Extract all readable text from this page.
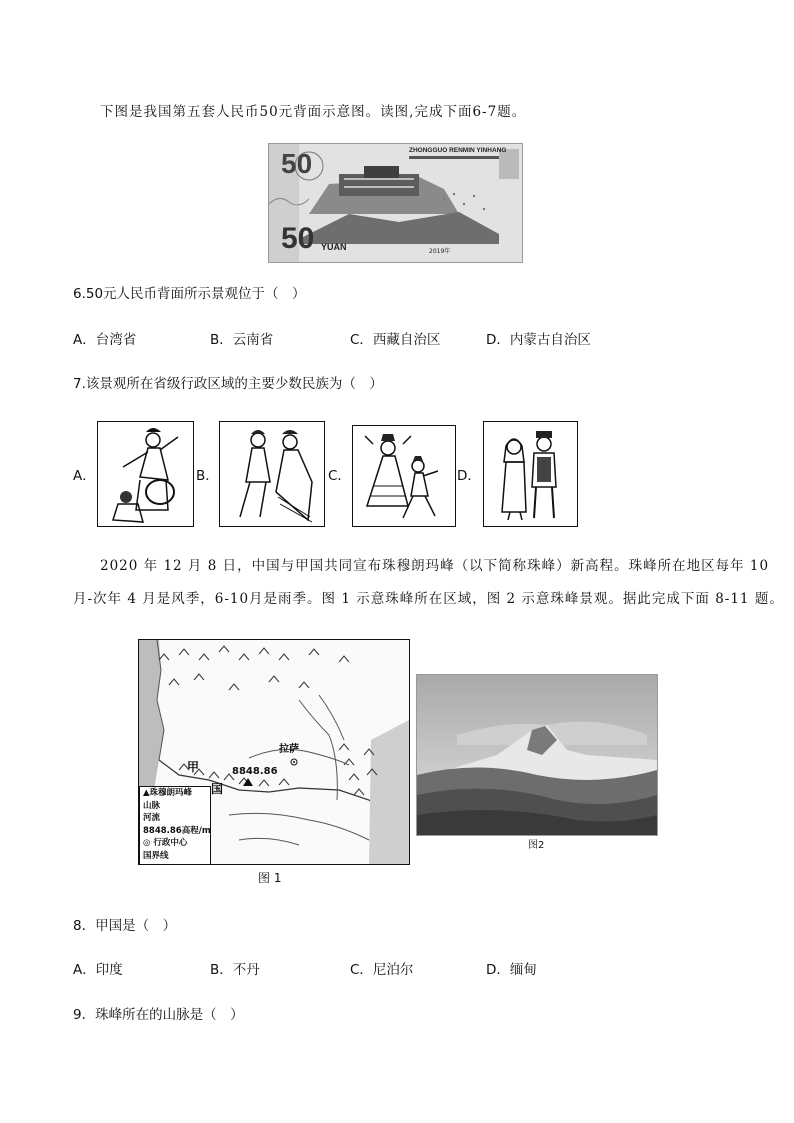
下图是我国第五套人民币50元背面示意图。读图,完成下面6-7题。
50	ZHONGGUO RENMIN YINHANG
50 YUAN	2019年
6.50元人民币背面所示景观位于（　）
A．台湾省	B．云南省	C．西藏自治区	D．内蒙古自治区
7.该景观所在省级行政区域的主要少数民族为（　）
A．	B．	C．	D．
2020 年 12 月 8 日，中国与甲国共同宣布珠穆朗玛峰（以下简称珠峰）新高程。珠峰所在地区每年 10
月-次年 4 月是风季，6-10月是雨季。图 1 示意珠峰所在区域，图 2 示意珠峰景观。据此完成下面 8-11 题。
拉萨
8848.86
甲
国
▲珠穆朗玛峰
山脉
河流
8848.86高程/m
◎ 行政中心
国界线
图 1
图2
8．甲国是（　）
A．印度	B．不丹	C．尼泊尔	D．缅甸
9．珠峰所在的山脉是（　）
